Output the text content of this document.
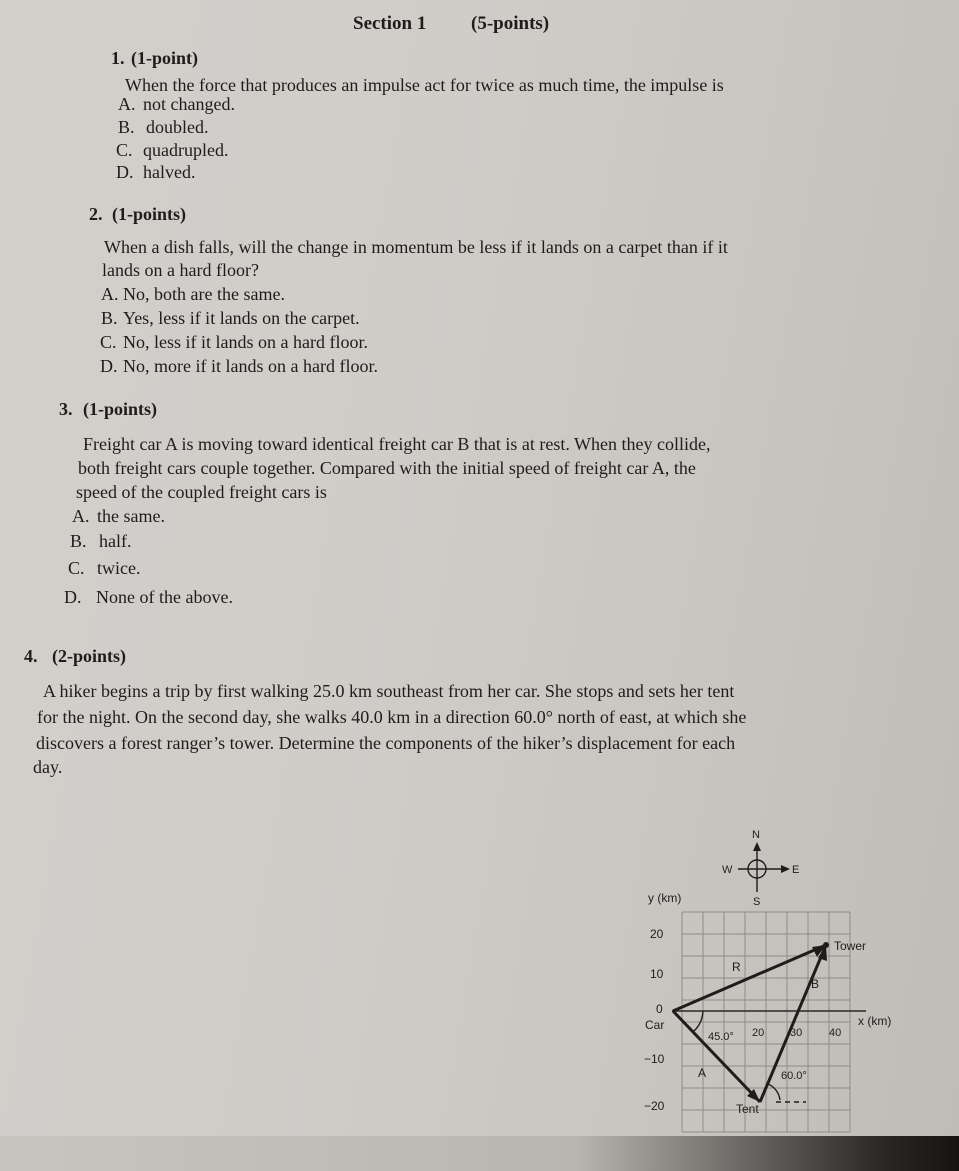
Section 1 (5-points)
1. (1-point)
When the force that produces an impulse act for twice as much time, the impulse is
A. not changed.
B. doubled.
C. quadrupled.
D. halved.
2. (1-points)
When a dish falls, will the change in momentum be less if it lands on a carpet than if it
lands on a hard floor?
A. No, both are the same.
B. Yes, less if it lands on the carpet.
C. No, less if it lands on a hard floor.
D. No, more if it lands on a hard floor.
3. (1-points)
Freight car A is moving toward identical freight car B that is at rest. When they collide,
both freight cars couple together. Compared with the initial speed of freight car A, the
speed of the coupled freight cars is
A. the same.
B. half.
C. twice.
D. None of the above.
4. (2-points)
A hiker begins a trip by first walking 25.0 km southeast from her car. She stops and sets her tent
for the night. On the second day, she walks 40.0 km in a direction 60.0° north of east, at which she
discovers a forest ranger’s tower. Determine the components of the hiker’s displacement for each
day.
N
W	E
S
y (km)
x (km)
20
10
0
−10
−20
20 30 40
Car
Tower
Tent
R
B
A
45.0°
60.0°
